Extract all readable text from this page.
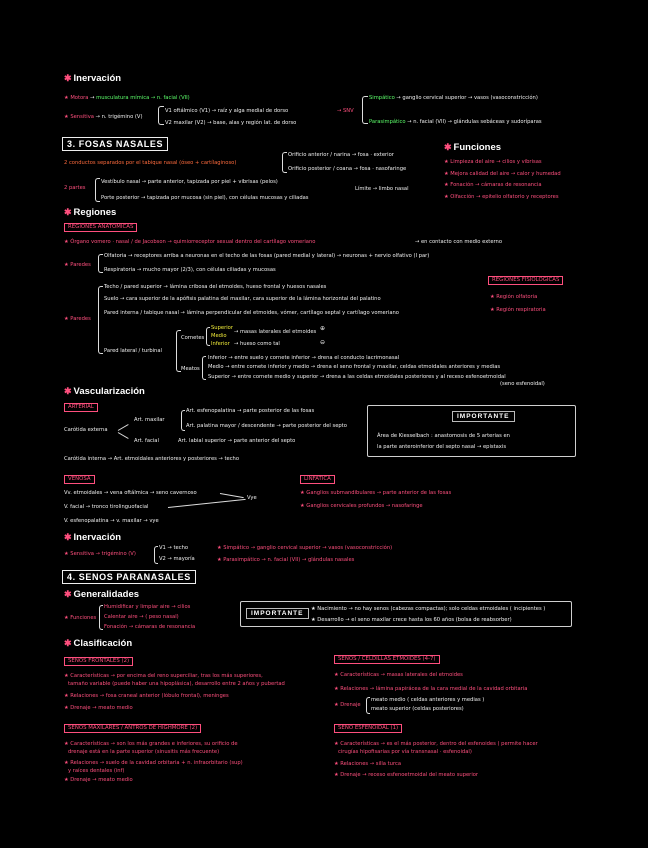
✱ Inervación
★ Motora → musculatura mímica → n. facial (VII)
★ Sensitiva → n. trigémino (V)
V1 oftálmico (V1) → raíz y alga medial de dorso
V2 maxilar (V2) → base, alas y región lat. de dorso
→ SNV
Simpático → ganglio cervical superior → vasos (vasoconstricción)
Parasimpático → n. facial (VII) → glándulas sebáceas y sudoríparas
3. FOSAS NASALES
2 conductos separados por el tabique nasal (óseo + cartílaginoso)
Orificio anterior / narina → fosa · exterior
Orificio posterior / coana → fosa · nasofaringe
2 partes
Vestíbulo nasal → parte anterior, tapizada por piel + vibrisas (pelos)
Porte posterior → tapizada por mucosa (sin piel), con células mucosas y ciliadas
Límite → limbo nasal
✱ Funciones
★ Limpieza del aire → cilios y vibrisas
★ Mejora calidad del aire → calor y humedad
★ Fonación → cámaras de resonancia
★ Olfacción → epitelio olfatorio y receptores
✱ Regiones
REGIONES ANATÓMICAS
★ Órgano vomero · nasal / de Jacobson → quimiorreceptor sexual dentro del cartílago vomeriano	→ en contacto con medio externo
★ Paredes
Olfatoria → receptores arriba a neuronas en el techo de las fosas (pared medial y lateral) → neuronas + nervio olfativo (I par)
Respiratoria → mucho mayor (2/3), con células ciliadas y mucosas
★ Paredes
Techo / pared superior → lámina cribosa del etmoides, hueso frontal y huesos nasales
Suelo → cara superior de la apófisis palatina del maxilar, cara superior de la lámina horizontal del palatino
Pared interna / tabique nasal → lámina perpendicular del etmoides, vómer, cartílago septal y cartílago vomeriano
Pared lateral / turbinal
Cornetes
Superior
Medio
Inferior
→ masas laterales del etmoides
→ hueso como tal
⊕
⊖
Meatos
Inferior → entre suelo y cornete inferior → drena el conducto lacrimonasal
Medio → entre cornete inferior y medio → drena el seno frontal y maxilar, celdas etmoidales anteriores y medias
Superior → entre cornete medio y superior → drena a las celdas etmoidales posteriores y al receso esfenoetmoidal
(seno esfenoidal)
REGIONES FISIOLÓGICAS
★ Región olfatoria
★ Región respiratoria
✱ Vascularización
ARTERIAL
Carótida externa
Art. maxilar
Art. esfenopalatina → parte posterior de las fosas
Art. palatina mayor / descendente → parte posterior del septo
Art. facial	Art. labial superior → parte anterior del septo
Carótida interna → Art. etmoidales anteriores y posteriores → techo
IMPORTANTE
Área de Kiesselbach : anastomosis de 5 arterias en
la parte anteroinferior del septo nasal → epistaxis
VENOSA
Vv. etmoidales → vena oftálmica → seno cavernoso
V. facial → tronco tirolinguofacial
V. esfenopalatina → v. maxilar → vye
Vye
LINFÁTICA
★ Ganglios submandibulares → parte anterior de las fosas
★ Ganglios cervicales profundos → nasofaringe
✱ Inervación
★ Sensitiva → trigémino (V)
V1 → techo
V2 → mayoría
★ Simpático → ganglio cervical superior → vasos (vasoconstricción)
★ Parasimpático → n. facial (VII) → glándulas nasales
4. SENOS PARANASALES
✱ Generalidades
★ Funciones
Humidificar y limpiar aire → cilios
Calentar aire → ( peso nasal)
Fonación → cámaras de resonancia
IMPORTANTE
★ Nacimiento → no hay senos (cabezas compactas); solo celdas etmoidales ( incipientes )
★ Desarrollo → el seno maxilar crece hasta los 60 años (bolsa de reabsorber)
✱ Clasificación
SENOS FRONTALES (2)
★ Características → por encima del reno superciliar, tras los más superiores,
tamaño variable (puede haber una hipoplásica), desarrollo entre 2 años y pubertad
★ Relaciones → fosa craneal anterior (lóbulo frontal), meninges
★ Drenaje → meato medio
SENOS / CELDILLAS ETMOIDES (4-7)
★ Características → masas laterales del etmoides
★ Relaciones → lámina papirácea de la cara medial de la cavidad orbitaria
★ Drenaje
meato medio ( celdas anteriores y medias )
meato superior (celdas posteriores)
SENOS MAXILARES / ANTROS DE HIGHMORE (2)
★ Características → son los más grandes e inferiores, su orificio de
drenaje está en la parte superior (sinusitis más frecuente)
★ Relaciones → suelo de la cavidad orbitaria + n. infraorbitario (sup)
y raíces dentales (inf)
★ Drenaje → meato medio
SENO ESFENOIDAL (1)
★ Características → es el más posterior, dentro del esfenoides ( permite hacer
cirugías hipofisarias por vía transnasal · esfenoidal)
★ Relaciones → silla turca
★ Drenaje → receso esfenoetmoidal del meato superior
